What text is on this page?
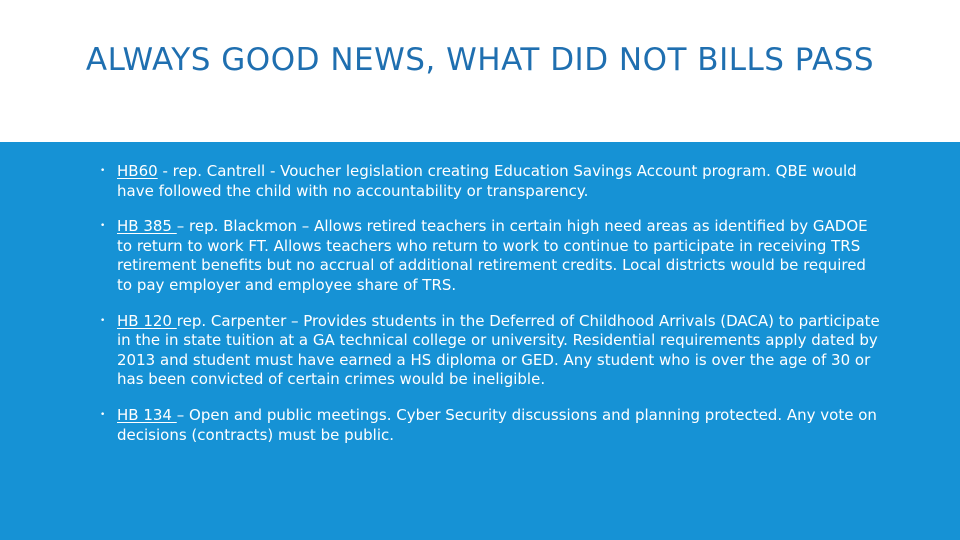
ALWAYS GOOD NEWS, WHAT DID NOT BILLS PASS
• HB60 - rep. Cantrell - Voucher legislation creating Education Savings Account program. QBE would have followed the child with no accountability or transparency.
• HB 385 – rep. Blackmon – Allows retired teachers in certain high need areas as identified by GADOE to return to work FT. Allows teachers who return to work to continue to participate in receiving TRS retirement benefits but no accrual of additional retirement credits. Local districts would be required to pay employer and employee share of TRS.
• HB 120 rep. Carpenter – Provides students in the Deferred of Childhood Arrivals (DACA) to participate in the in state tuition at a GA technical college or university. Residential requirements apply dated by 2013 and student must have earned a HS diploma or GED. Any student who is over the age of 30 or has been convicted of certain crimes would be ineligible.
• HB 134 – Open and public meetings. Cyber Security discussions and planning protected. Any vote on decisions (contracts) must be public.
